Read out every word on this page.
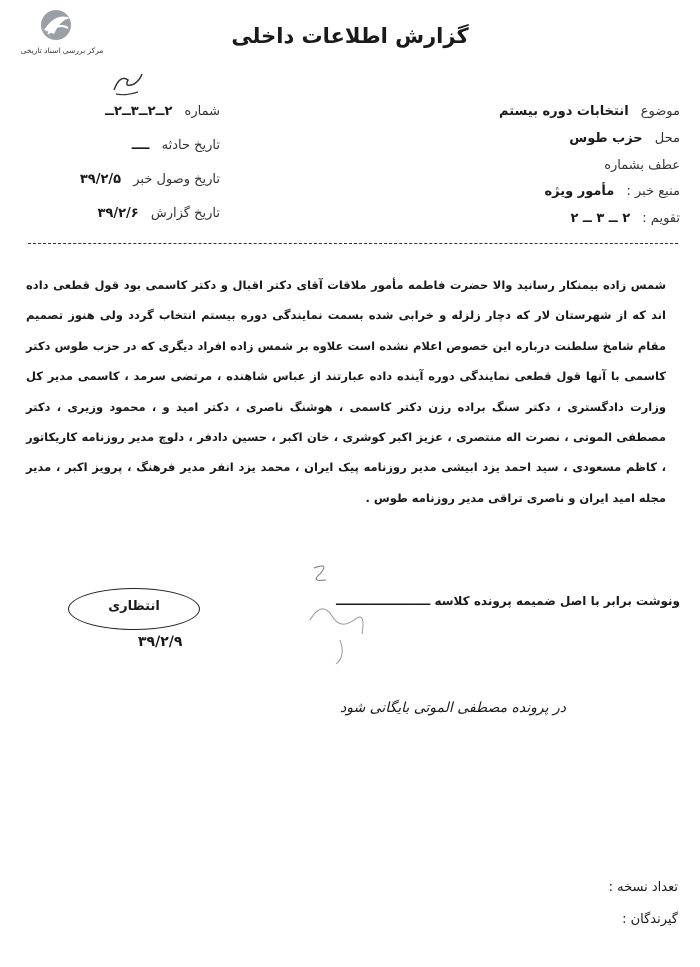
مرکز بررسی اسناد تاریخی
گزارش اطلاعات داخلی
موضوع انتخابات دوره بیستم
محل حزب طوس
عطف بشماره
منبع خبر : مأمور ویژه
تقویم : ۲ ــ ۳ ــ ۲
شماره ۲ــ۲ــ۳ــ۲ــ
تاریخ حادثه ــــ
تاریخ وصول خبر ۳۹/۲/۵
تاریخ گزارش ۳۹/۲/۶
شمس زاده بیمنکار رسانید والا حضرت فاطمه مأمور ملاقات آقای دکتر اقبال و دکتر کاسمی بود قول قطعی داده اند که از شهرستان لار که دچار زلزله و خرابی شده بسمت نمایندگی دوره بیستم انتخاب گردد ولی هنوز تصمیم مقام شامخ سلطنت درباره این خصوص اعلام نشده است علاوه بر شمس زاده افراد دیگری که در حزب طوس دکتر کاسمی با آنها قول قطعی نمایندگی دوره آینده داده عبارتند از عباس شاهنده ، مرتضی سرمد ، کاسمی مدیر کل وزارت دادگستری ، دکتر سنگ براده رزن دکتر کاسمی ، هوشنگ ناصری ، دکتر امید و ، محمود وزیری ، دکتر مصطفی الموتی ، نصرت اله منتصری ، عزیز اکبر کوشری ، خان اکبر ، حسین دادفر ، دلوچ مدیر روزنامه کاریکاتور ، کاظم مسعودی ، سید احمد یزد ابیشی مدیر روزنامه پیک ایران ، محمد یزد انفر مدیر فرهنگ ، پرویز اکبر ، مدیر مجله امید ایران و ناصری تراقی مدیر روزنامه طوس .
ونوشت برابر با اصل ضمیمه پرونده کلاسه ـــــــــــــــــــــــ
انتظاری
۳۹/۲/۹
در پرونده مصطفی الموتی بایگانی شود
تعداد نسخه :
گیرندگان :
